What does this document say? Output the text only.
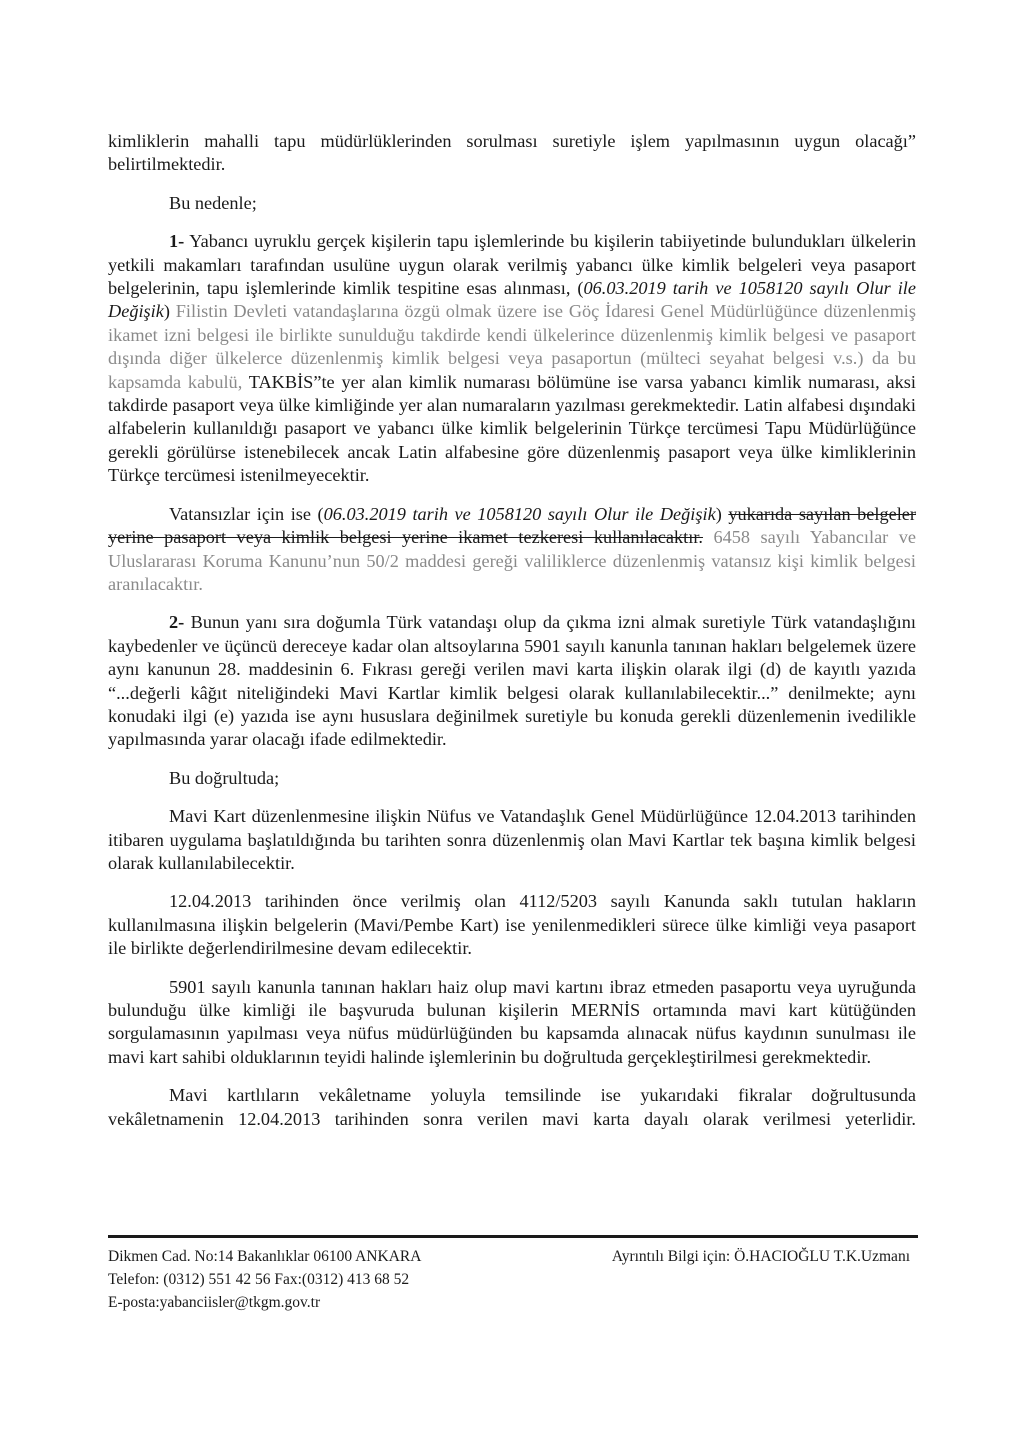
kimliklerin mahalli tapu müdürlüklerinden sorulması suretiyle işlem yapılmasının uygun olacağı” belirtilmektedir.

Bu nedenle;

1- Yabancı uyruklu gerçek kişilerin tapu işlemlerinde bu kişilerin tabiiyetinde bulundukları ülkelerin yetkili makamları tarafından usulüne uygun olarak verilmiş yabancı ülke kimlik belgeleri veya pasaport belgelerinin, tapu işlemlerinde kimlik tespitine esas alınması, (06.03.2019 tarih ve 1058120 sayılı Olur ile Değişik) Filistin Devleti vatandaşlarına özgü olmak üzere ise Göç İdaresi Genel Müdürlüğünce düzenlenmiş ikamet izni belgesi ile birlikte sunulduğu takdirde kendi ülkelerince düzenlenmiş kimlik belgesi ve pasaport dışında diğer ülkelerce düzenlenmiş kimlik belgesi veya pasaportun (mülteci seyahat belgesi v.s.) da bu kapsamda kabulü, TAKBİS”te yer alan kimlik numarası bölümüne ise varsa yabancı kimlik numarası, aksi takdirde pasaport veya ülke kimliğinde yer alan numaraların yazılması gerekmektedir. Latin alfabesi dışındaki alfabelerin kullanıldığı pasaport ve yabancı ülke kimlik belgelerinin Türkçe tercümesi Tapu Müdürlüğünce gerekli görülürse istenebilecek ancak Latin alfabesine göre düzenlenmiş pasaport veya ülke kimliklerinin Türkçe tercümesi istenilmeyecektir.

Vatansızlar için ise (06.03.2019 tarih ve 1058120 sayılı Olur ile Değişik) yukarıda sayılan belgeler yerine pasaport veya kimlik belgesi yerine ikamet tezkeresi kullanılacaktır. 6458 sayılı Yabancılar ve Uluslararası Koruma Kanunu’nun 50/2 maddesi gereği valiliklerce düzenlenmiş vatansız kişi kimlik belgesi aranılacaktır.

2- Bunun yanı sıra doğumla Türk vatandaşı olup da çıkma izni almak suretiyle Türk vatandaşlığını kaybedenler ve üçüncü dereceye kadar olan altsoylarına 5901 sayılı kanunla tanınan hakları belgelemek üzere aynı kanunun 28. maddesinin 6. Fıkrası gereği verilen mavi karta ilişkin olarak ilgi (d) de kayıtlı yazıda “...değerli kâğıt niteliğindeki Mavi Kartlar kimlik belgesi olarak kullanılabilecektir...” denilmekte; aynı konudaki ilgi (e) yazıda ise aynı hususlara değinilmek suretiyle bu konuda gerekli düzenlemenin ivedilikle yapılmasında yarar olacağı ifade edilmektedir.

Bu doğrultuda;

Mavi Kart düzenlenmesine ilişkin Nüfus ve Vatandaşlık Genel Müdürlüğünce 12.04.2013 tarihinden itibaren uygulama başlatıldığında bu tarihten sonra düzenlenmiş olan Mavi Kartlar tek başına kimlik belgesi olarak kullanılabilecektir.

12.04.2013 tarihinden önce verilmiş olan 4112/5203 sayılı Kanunda saklı tutulan hakların kullanılmasına ilişkin belgelerin (Mavi/Pembe Kart) ise yenilenmedikleri sürece ülke kimliği veya pasaport ile birlikte değerlendirilmesine devam edilecektir.

5901 sayılı kanunla tanınan hakları haiz olup mavi kartını ibraz etmeden pasaportu veya uyruğunda bulunduğu ülke kimliği ile başvuruda bulunan kişilerin MERNİS ortamında mavi kart kütüğünden sorgulamasının yapılması veya nüfus müdürlüğünden bu kapsamda alınacak nüfus kaydının sunulması ile mavi kart sahibi olduklarının teyidi halinde işlemlerinin bu doğrultuda gerçekleştirilmesi gerekmektedir.

Mavi kartlıların vekâletname yoluyla temsilinde ise yukarıdaki fikralar doğrultusunda vekâletnamenin 12.04.2013 tarihinden sonra verilen mavi karta dayalı olarak verilmesi yeterlidir.

Dikmen Cad. No:14 Bakanlıklar 06100 ANKARA
Telefon: (0312) 551 42 56 Fax:(0312) 413 68 52
E-posta:yabanciisler@tkgm.gov.tr
Ayrıntılı Bilgi için: Ö.HACIOĞLU T.K.Uzmanı
